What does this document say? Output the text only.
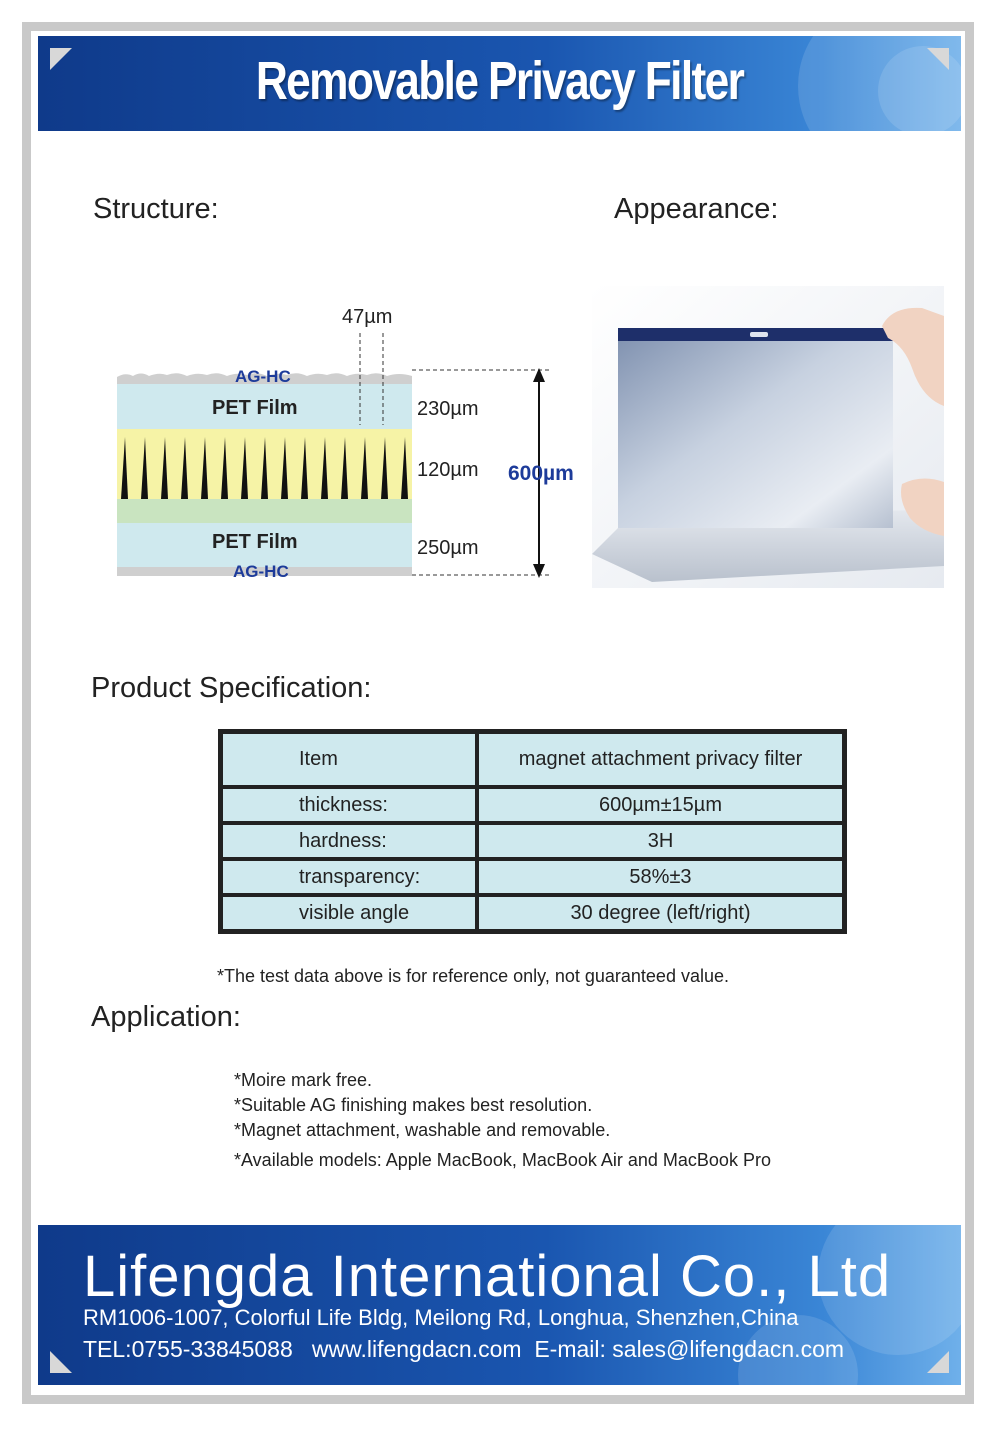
Removable Privacy Filter
Structure:	Appearance:
AG-HC
PET Film
PET Film
AG-HC
47µm
230µm
120µm
250µm
600µm
Product Specification:
Item	magnet attachment privacy filter
thickness:	600µm±15µm
hardness:	3H
transparency:	58%±3
visible angle	30 degree (left/right)
*The test data above is for reference only, not guaranteed value.
Application:
*Moire mark free.
*Suitable AG finishing makes best resolution.
*Magnet attachment, washable and removable.
*Available models: Apple MacBook, MacBook Air and MacBook Pro
Lifengda International Co., Ltd
RM1006-1007, Colorful Life Bldg, Meilong Rd, Longhua, Shenzhen,China
TEL:0755-33845088   www.lifengdacn.com  E-mail: sales@lifengdacn.com
